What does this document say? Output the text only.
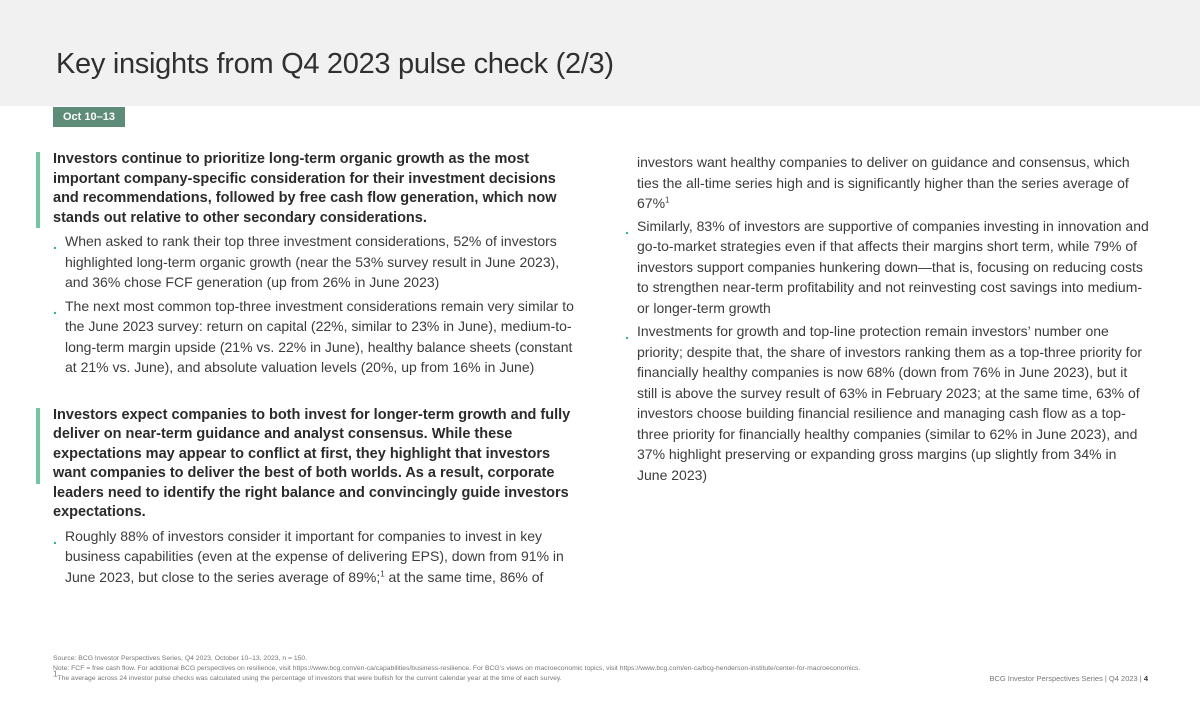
Key insights from Q4 2023 pulse check (2/3)
Oct 10–13

Investors continue to prioritize long-term organic growth as the most important company-specific consideration for their investment decisions and recommendations, followed by free cash flow generation, which now stands out relative to other secondary considerations.

. When asked to rank their top three investment considerations, 52% of investors highlighted long-term organic growth (near the 53% survey result in June 2023), and 36% chose FCF generation (up from 26% in June 2023)
. The next most common top-three investment considerations remain very similar to the June 2023 survey: return on capital (22%, similar to 23% in June), medium-to-long-term margin upside (21% vs. 22% in June), healthy balance sheets (constant at 21% vs. June), and absolute valuation levels (20%, up from 16% in June)

Investors expect companies to both invest for longer-term growth and fully deliver on near-term guidance and analyst consensus. While these expectations may appear to conflict at first, they highlight that investors want companies to deliver the best of both worlds. As a result, corporate leaders need to identify the right balance and convincingly guide investors expectations.

. Roughly 88% of investors consider it important for companies to invest in key business capabilities (even at the expense of delivering EPS), down from 91% in June 2023, but close to the series average of 89%;$^1$ at the same time, 86% of

investors want healthy companies to deliver on guidance and consensus, which ties the all-time series high and is significantly higher than the series average of 67%$^1$

. Similarly, 83% of investors are supportive of companies investing in innovation and go-to-market strategies even if that affects their margins short term, while 79% of investors support companies hunkering down—that is, focusing on reducing costs to strengthen near-term profitability and not reinvesting cost savings into medium- or longer-term growth
. Investments for growth and top-line protection remain investors’ number one priority; despite that, the share of investors ranking them as a top-three priority for financially healthy companies is now 68% (down from 76% in June 2023), but it still is above the survey result of 63% in February 2023; at the same time, 63% of investors choose building financial resilience and managing cash flow as a top-three priority for financially healthy companies (similar to 62% in June 2023), and 37% highlight preserving or expanding gross margins (up slightly from 34% in June 2023)
Source: BCG Investor Perspectives Series, Q4 2023, October 10–13, 2023, n = 150.
Note: FCF = free cash flow. For additional BCG perspectives on resilience, visit https://www.bcg.com/en-ca/capabilities/business-resilience. For BCG’s views on macroeconomic topics, visit https://www.bcg.com/en-ca/bcg-henderson-institute/center-for-macroeconomics.
$^1$The average across 24 investor pulse checks was calculated using the percentage of investors that were bullish for the current calendar year at the time of each survey.	BCG Investor Perspectives Series | Q4 2023 | 4
